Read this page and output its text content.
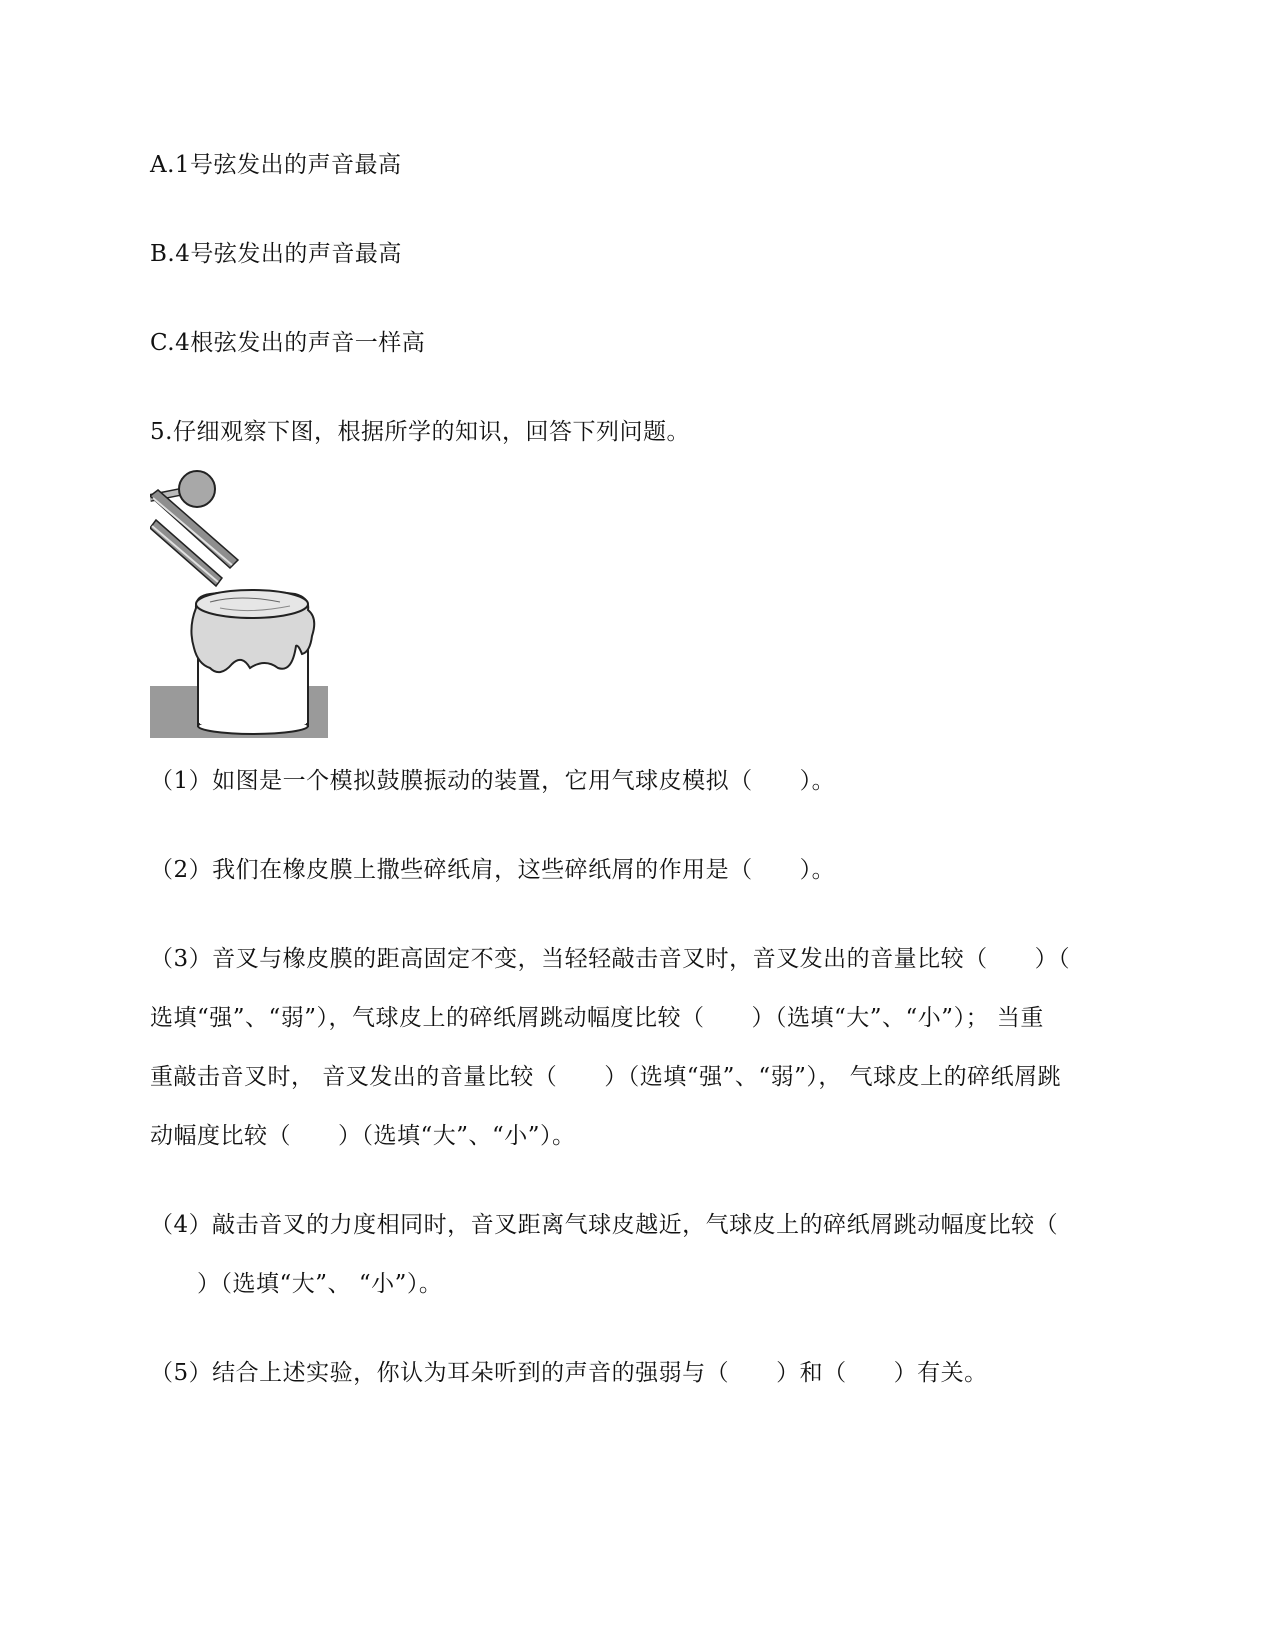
A.1号弦发出的声音最高
B.4号弦发出的声音最高
C.4根弦发出的声音一样高
5.仔细观察下图，根据所学的知识，回答下列问题。
（1）如图是一个模拟鼓膜振动的装置，它用气球皮模拟（　　）。
（2）我们在橡皮膜上撒些碎纸肩，这些碎纸屑的作用是（　　）。
（3）音叉与橡皮膜的距高固定不变，当轻轻敲击音叉时，音叉发出的音量比较（　　）（
选填“强”、“弱”），气球皮上的碎纸屑跳动幅度比较（　　）（选填“大”、“小”）； 当重
重敲击音叉时， 音叉发出的音量比较（　　）（选填“强”、“弱”）， 气球皮上的碎纸屑跳
动幅度比较（　　）（选填“大”、“小”）。
（4）敲击音叉的力度相同时，音叉距离气球皮越近，气球皮上的碎纸屑跳动幅度比较（
　　）（选填“大”、 “小”）。
（5）结合上述实验，你认为耳朵听到的声音的强弱与（　　）和（　　）有关。
